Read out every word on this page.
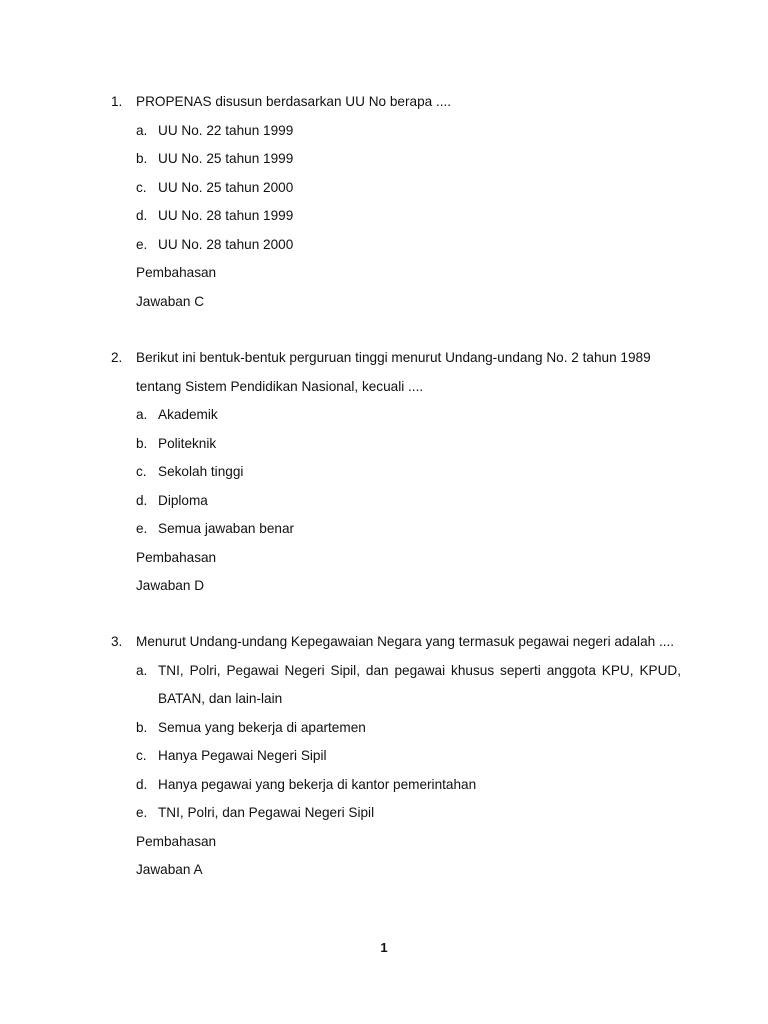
1. PROPENAS disusun berdasarkan UU No berapa ....
a. UU No. 22 tahun 1999
b. UU No. 25 tahun 1999
c. UU No. 25 tahun 2000
d. UU No. 28 tahun 1999
e. UU No. 28 tahun 2000
Pembahasan
Jawaban C
2. Berikut ini bentuk-bentuk perguruan tinggi menurut Undang-undang No. 2 tahun 1989
tentang Sistem Pendidikan Nasional, kecuali ....
a. Akademik
b. Politeknik
c. Sekolah tinggi
d. Diploma
e. Semua jawaban benar
Pembahasan
Jawaban D
3. Menurut Undang-undang Kepegawaian Negara yang termasuk pegawai negeri adalah ....
a. TNI, Polri, Pegawai Negeri Sipil, dan pegawai khusus seperti anggota KPU, KPUD,
BATAN, dan lain-lain
b. Semua yang bekerja di apartemen
c. Hanya Pegawai Negeri Sipil
d. Hanya pegawai yang bekerja di kantor pemerintahan
e. TNI, Polri, dan Pegawai Negeri Sipil
Pembahasan
Jawaban A
1
